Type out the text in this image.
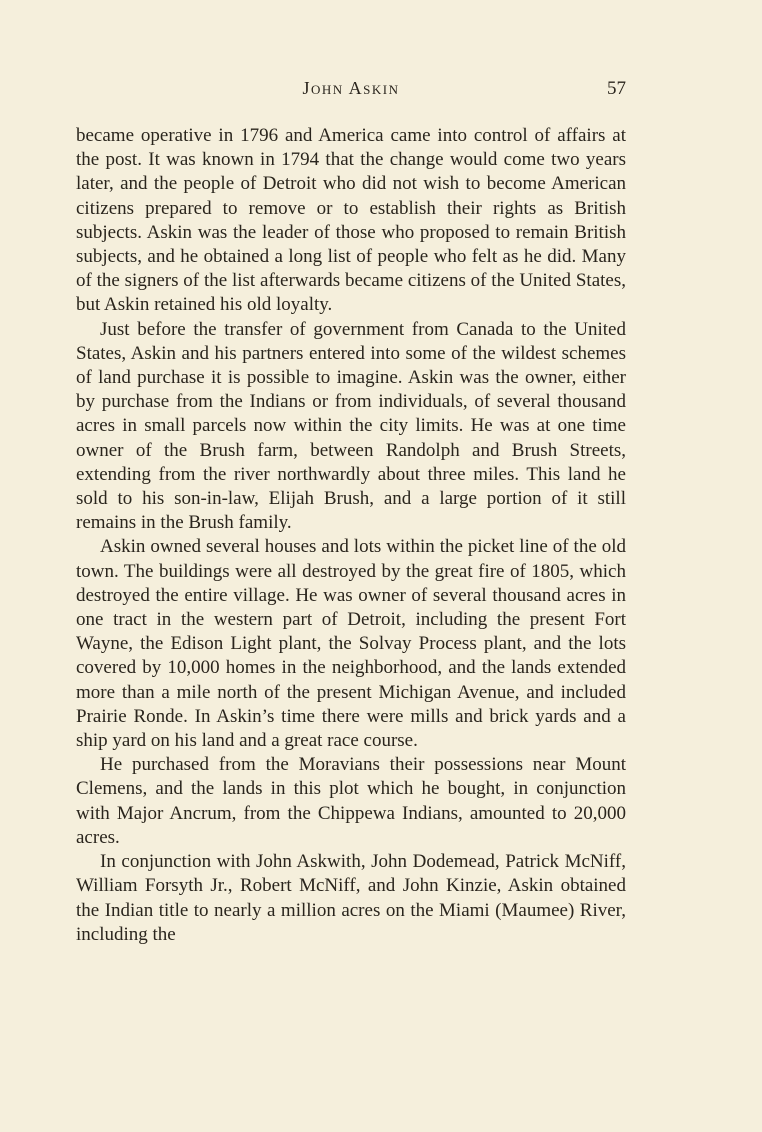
John Askin	57

became operative in 1796 and America came into control of affairs at the post. It was known in 1794 that the change would come two years later, and the people of Detroit who did not wish to become American citizens prepared to remove or to establish their rights as British subjects. Askin was the leader of those who proposed to remain British subjects, and he obtained a long list of people who felt as he did. Many of the signers of the list afterwards became citizens of the United States, but Askin retained his old loyalty.

Just before the transfer of government from Canada to the United States, Askin and his partners entered into some of the wildest schemes of land purchase it is possible to imagine. Askin was the owner, either by purchase from the Indians or from individuals, of several thousand acres in small parcels now within the city limits. He was at one time owner of the Brush farm, between Randolph and Brush Streets, extending from the river northwardly about three miles. This land he sold to his son-in-law, Elijah Brush, and a large portion of it still remains in the Brush family.

Askin owned several houses and lots within the picket line of the old town. The buildings were all destroyed by the great fire of 1805, which destroyed the entire village. He was owner of several thousand acres in one tract in the western part of Detroit, including the present Fort Wayne, the Edison Light plant, the Solvay Process plant, and the lots covered by 10,000 homes in the neighborhood, and the lands extended more than a mile north of the present Michigan Avenue, and included Prairie Ronde. In Askin’s time there were mills and brick yards and a ship yard on his land and a great race course.

He purchased from the Moravians their possessions near Mount Clemens, and the lands in this plot which he bought, in conjunction with Major Ancrum, from the Chippewa Indians, amounted to 20,000 acres.

In conjunction with John Askwith, John Dodemead, Patrick McNiff, William Forsyth Jr., Robert McNiff, and John Kinzie, Askin obtained the Indian title to nearly a million acres on the Miami (Maumee) River, including the
